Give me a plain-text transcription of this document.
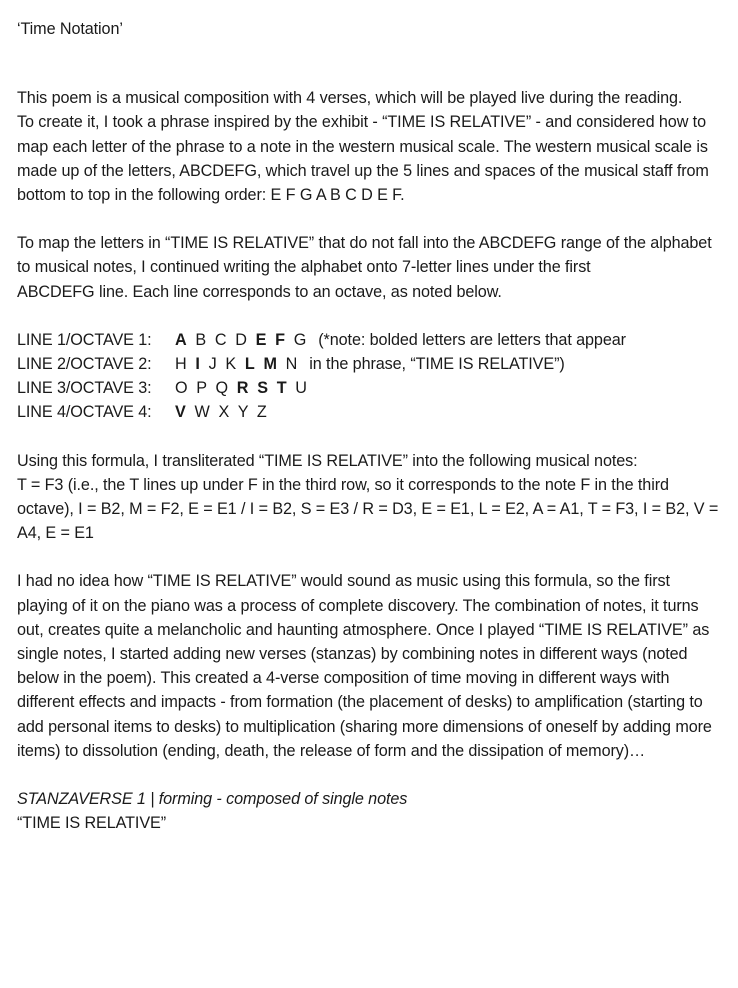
‘Time Notation’

This poem is a musical composition with 4 verses, which will be played live during the reading.

To create it, I took a phrase inspired by the exhibit - “TIME IS RELATIVE” - and considered how to map each letter of the phrase to a note in the western musical scale. The western musical scale is made up of the letters, ABCDEFG, which travel up the 5 lines and spaces of the musical staff from bottom to top in the following order: E F G A B C D E F.

To map the letters in “TIME IS RELATIVE” that do not fall into the ABCDEFG range of the alphabet to musical notes, I continued writing the alphabet onto 7-letter lines under the first

ABCDEFG line. Each line corresponds to an octave, as noted below.

LINE 1/OCTAVE 1:	A B C D E F G (*note: bolded letters are letters that appear
LINE 2/OCTAVE 2:	H I J K L M N in the phrase, “TIME IS RELATIVE”)
LINE 3/OCTAVE 3:	O P Q R S T U
LINE 4/OCTAVE 4:	V W X Y Z

Using this formula, I transliterated “TIME IS RELATIVE” into the following musical notes:

T = F3 (i.e., the T lines up under F in the third row, so it corresponds to the note F in the third octave), I = B2, M = F2, E = E1 / I = B2, S = E3 / R = D3, E = E1, L = E2, A = A1, T = F3, I = B2, V = A4, E = E1

I had no idea how “TIME IS RELATIVE” would sound as music using this formula, so the first playing of it on the piano was a process of complete discovery. The combination of notes, it turns out, creates quite a melancholic and haunting atmosphere. Once I played “TIME IS RELATIVE” as single notes, I started adding new verses (stanzas) by combining notes in different ways (noted below in the poem). This created a 4-verse composition of time moving in different ways with different effects and impacts - from formation (the placement of desks) to amplification (starting to add personal items to desks) to multiplication (sharing more dimensions of oneself by adding more items) to dissolution (ending, death, the release of form and the dissipation of memory)…

STANZAVERSE 1 | forming - composed of single notes

“TIME IS RELATIVE”
